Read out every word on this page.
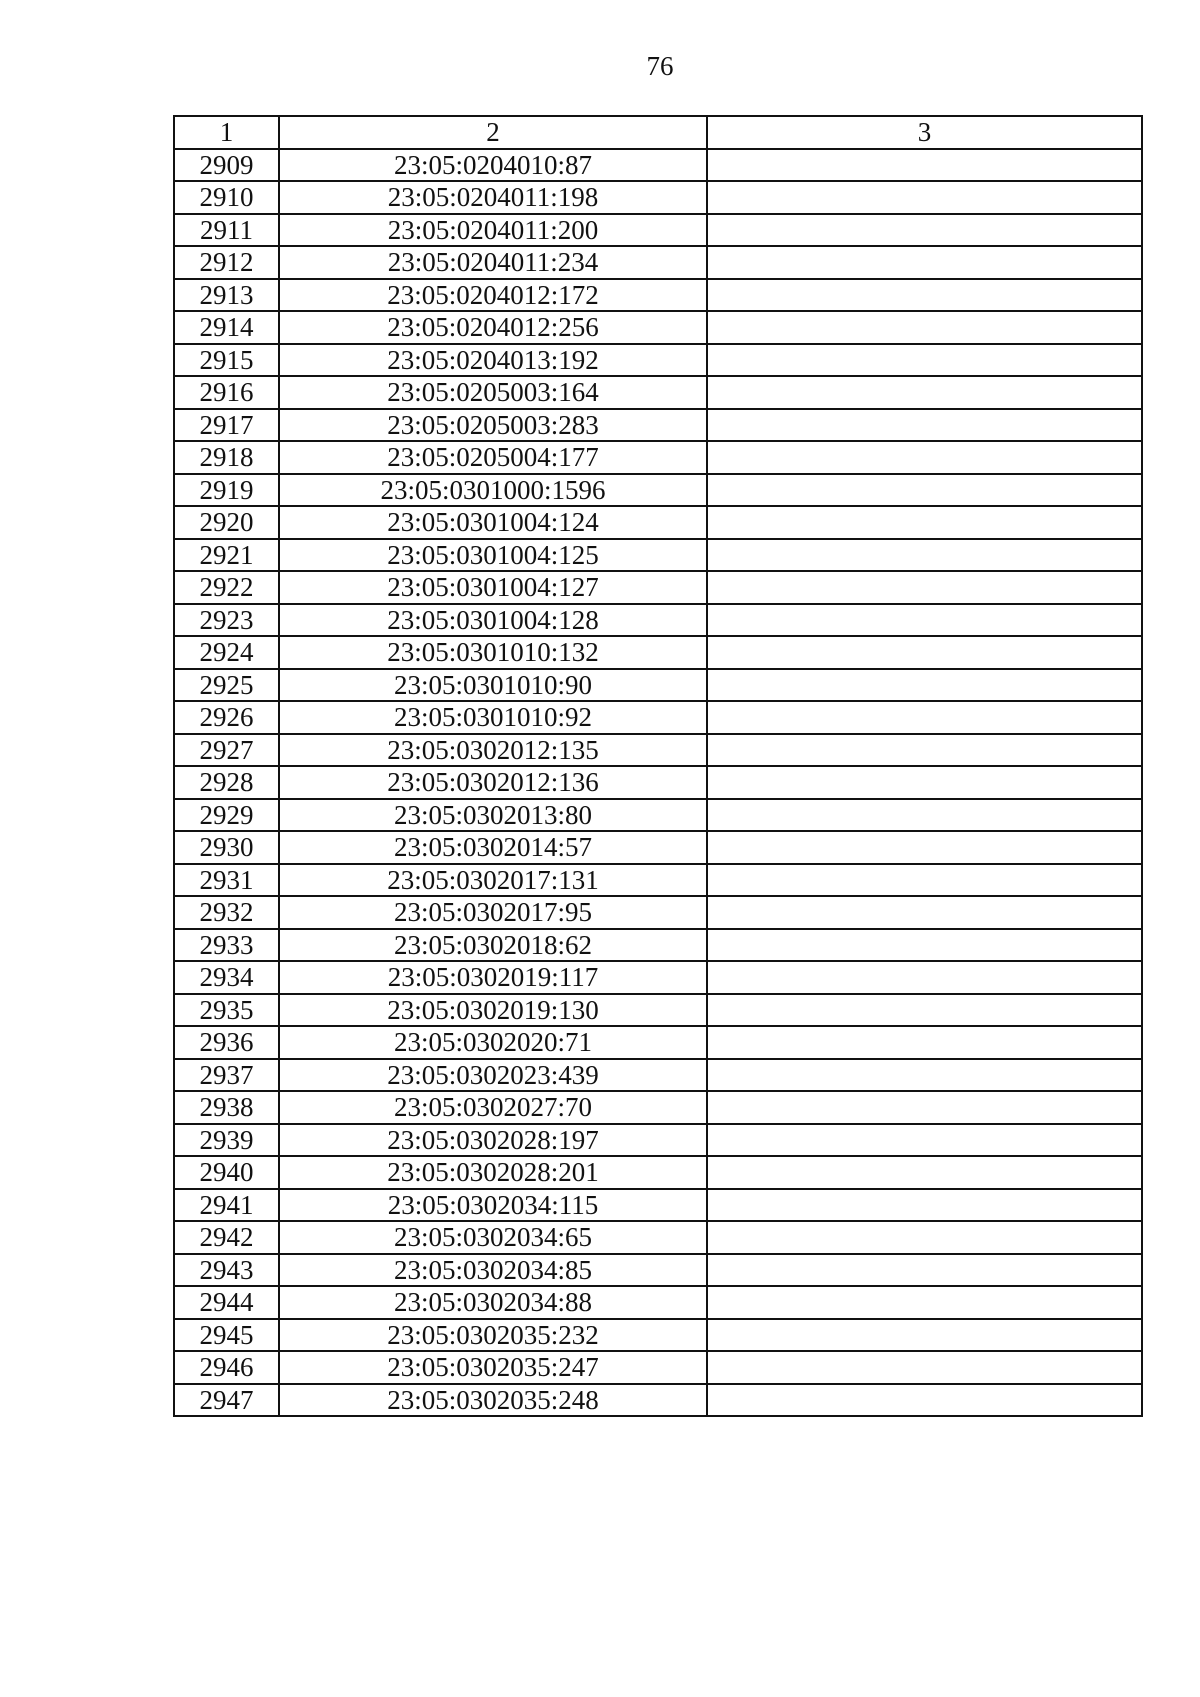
76
1	2	3
2909	23:05:0204010:87	
2910	23:05:0204011:198	
2911	23:05:0204011:200	
2912	23:05:0204011:234	
2913	23:05:0204012:172	
2914	23:05:0204012:256	
2915	23:05:0204013:192	
2916	23:05:0205003:164	
2917	23:05:0205003:283	
2918	23:05:0205004:177	
2919	23:05:0301000:1596	
2920	23:05:0301004:124	
2921	23:05:0301004:125	
2922	23:05:0301004:127	
2923	23:05:0301004:128	
2924	23:05:0301010:132	
2925	23:05:0301010:90	
2926	23:05:0301010:92	
2927	23:05:0302012:135	
2928	23:05:0302012:136	
2929	23:05:0302013:80	
2930	23:05:0302014:57	
2931	23:05:0302017:131	
2932	23:05:0302017:95	
2933	23:05:0302018:62	
2934	23:05:0302019:117	
2935	23:05:0302019:130	
2936	23:05:0302020:71	
2937	23:05:0302023:439	
2938	23:05:0302027:70	
2939	23:05:0302028:197	
2940	23:05:0302028:201	
2941	23:05:0302034:115	
2942	23:05:0302034:65	
2943	23:05:0302034:85	
2944	23:05:0302034:88	
2945	23:05:0302035:232	
2946	23:05:0302035:247	
2947	23:05:0302035:248	
